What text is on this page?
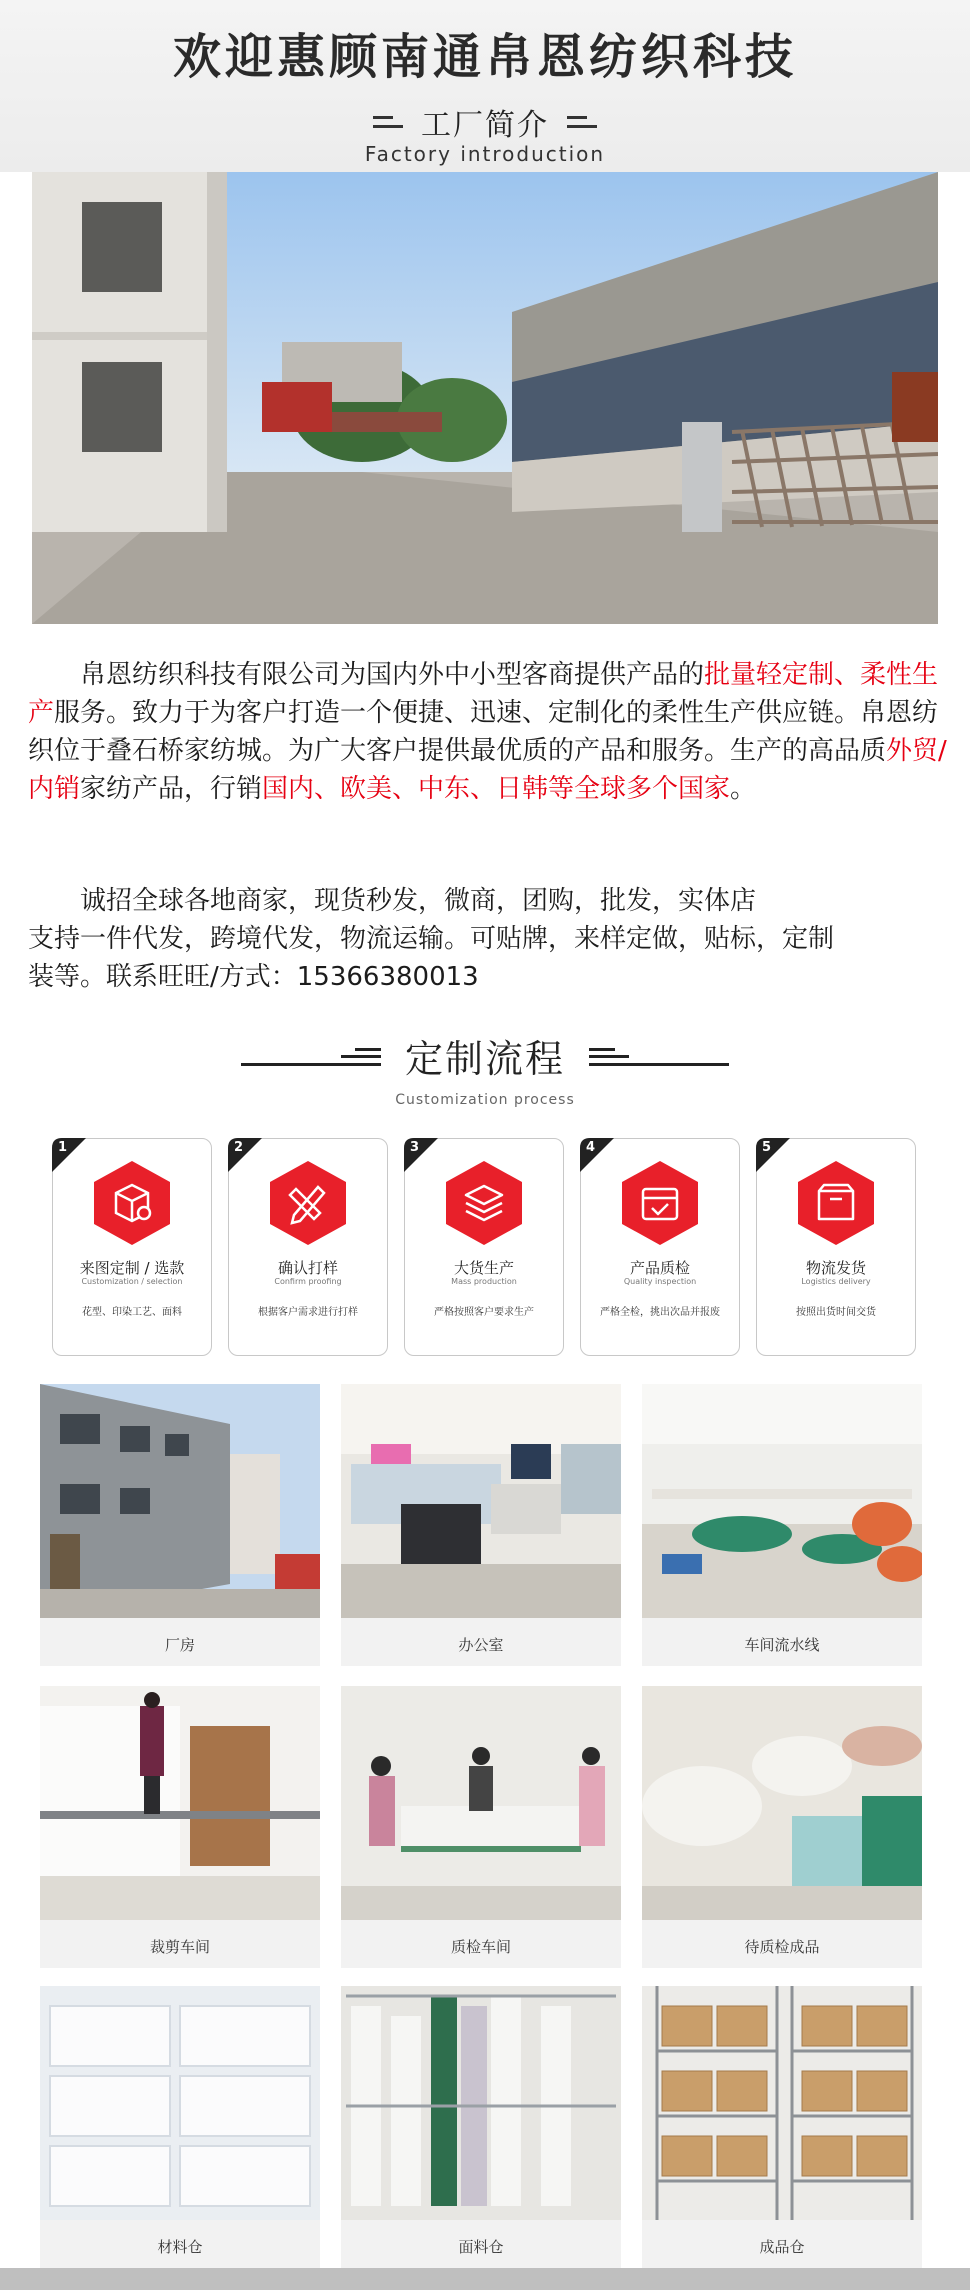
欢迎惠顾南通帛恩纺织科技
工厂简介
Factory introduction

帛恩纺织科技有限公司为国内外中小型客商提供产品的批量轻定制、柔性生产服务。致力于为客户打造一个便捷、迅速、定制化的柔性生产供应链。帛恩纺织位于叠石桥家纺城。为广大客户提供最优质的产品和服务。生产的高品质外贸/内销家纺产品，行销国内、欧美、中东、日韩等全球多个国家。

诚招全球各地商家，现货秒发，微商，团购，批发，实体店
支持一件代发，跨境代发，物流运输。可贴牌，来样定做，贴标，定制
装等。联系旺旺/方式：15366380013
定制流程
Customization process
1
来图定制 / 选款
Customization / selection
花型、印染工艺、面料
2
确认打样
Confirm proofing
根据客户需求进行打样
3
大货生产
Mass production
严格按照客户要求生产
4
产品质检
Quality inspection
严格全检，挑出次品并报废
5
物流发货
Logistics delivery
按照出货时间交货
厂房	办公室	车间流水线
裁剪车间	质检车间	待质检成品
材料仓	面料仓	成品仓
